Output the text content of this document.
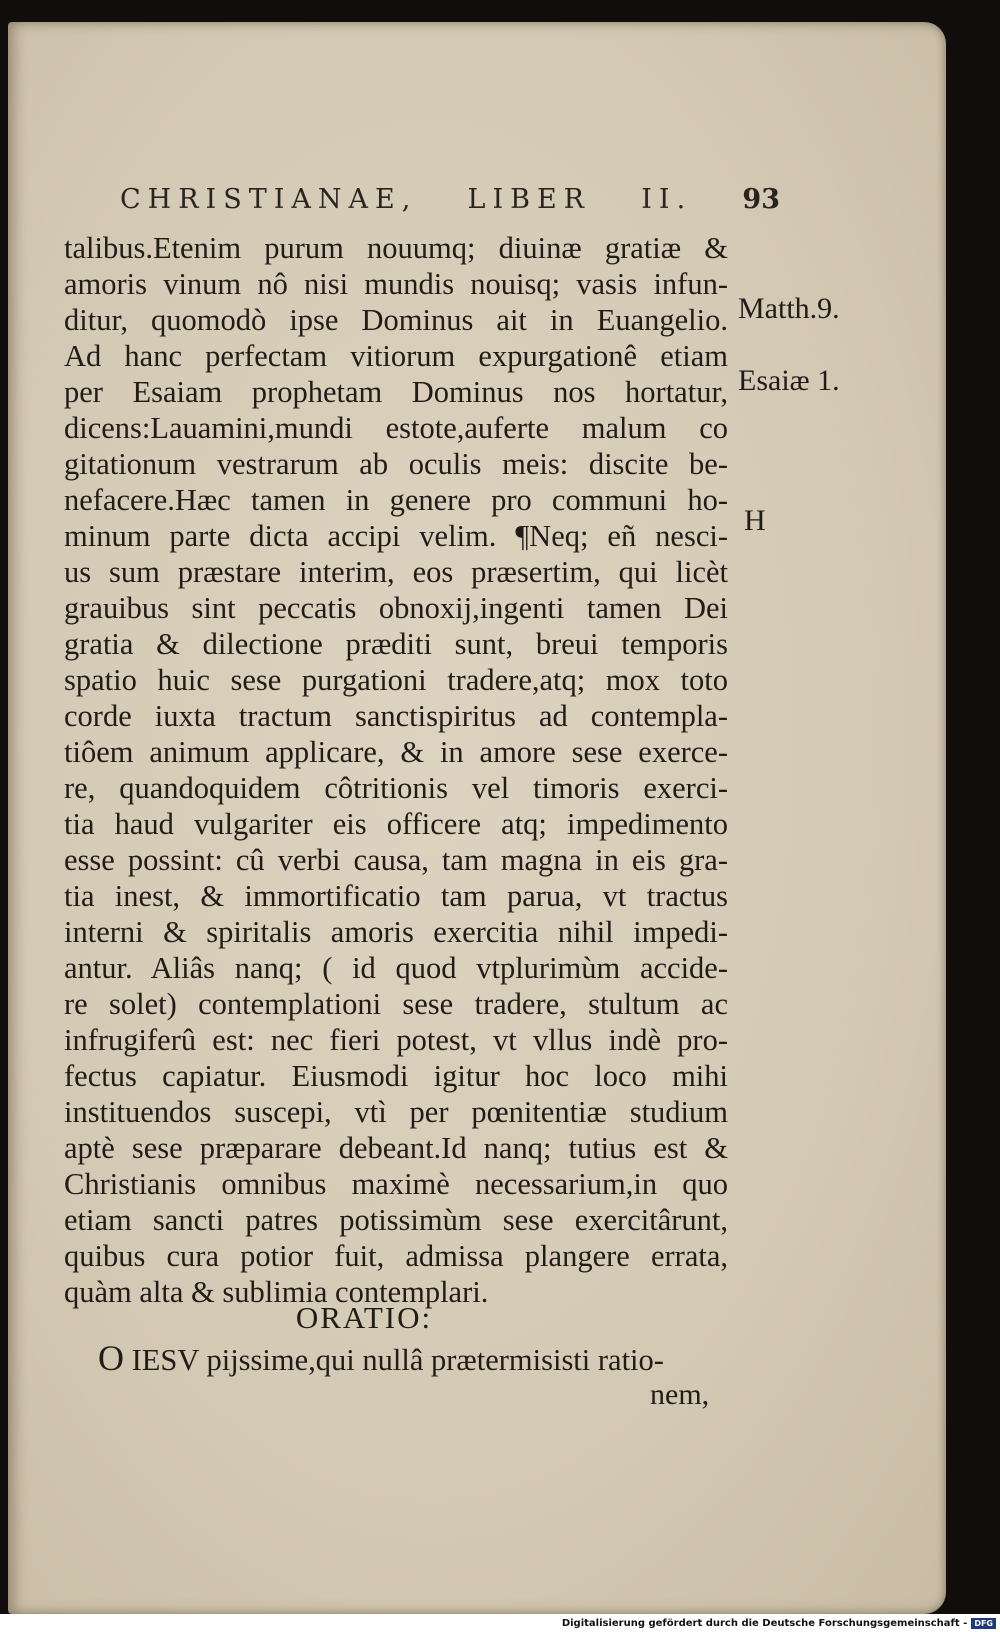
CHRISTIANAE, LIBER II. 93
talibus.Etenim purum nouumq; diuinæ gratiæ &
amoris vinum nô nisi mundis nouisq; vasis infun-
ditur, quomodò ipse Dominus ait in Euangelio.
Ad hanc perfectam vitiorum expurgationê etiam
per Esaiam prophetam Dominus nos hortatur,
dicens:Lauamini,mundi estote,auferte malum co
gitationum vestrarum ab oculis meis: discite be-
nefacere.Hæc tamen in genere pro communi ho-
minum parte dicta accipi velim. ¶Neq; eñ nesci-
us sum præstare interim, eos præsertim, qui licèt
grauibus sint peccatis obnoxij,ingenti tamen Dei
gratia & dilectione præditi sunt, breui temporis
spatio huic sese purgationi tradere,atq; mox toto
corde iuxta tractum sanctispiritus ad contempla-
tiôem animum applicare, & in amore sese exerce-
re, quandoquidem côtritionis vel timoris exerci-
tia haud vulgariter eis officere atq; impedimento
esse possint: cû verbi causa, tam magna in eis gra-
tia inest, & immortificatio tam parua, vt tractus
interni & spiritalis amoris exercitia nihil impedi-
antur. Aliâs nanq; ( id quod vtplurimùm accide-
re solet) contemplationi sese tradere, stultum ac
infrugiferû est: nec fieri potest, vt vllus indè pro-
fectus capiatur. Eiusmodi igitur hoc loco mihi
instituendos suscepi, vtì per pœnitentiæ studium
aptè sese præparare debeant.Id nanq; tutius est &
Christianis omnibus maximè necessarium,in quo
etiam sancti patres potissimùm sese exercitârunt,
quibus cura potior fuit, admissa plangere errata,
quàm alta & sublimia contemplari.
Matth.9.
Esaiæ 1.
H
ORATIO:
O IESV pijssime,qui nullâ prætermisisti ratio-
nem,
Digitalisierung gefördert durch die Deutsche Forschungsgemeinschaft - DFG
